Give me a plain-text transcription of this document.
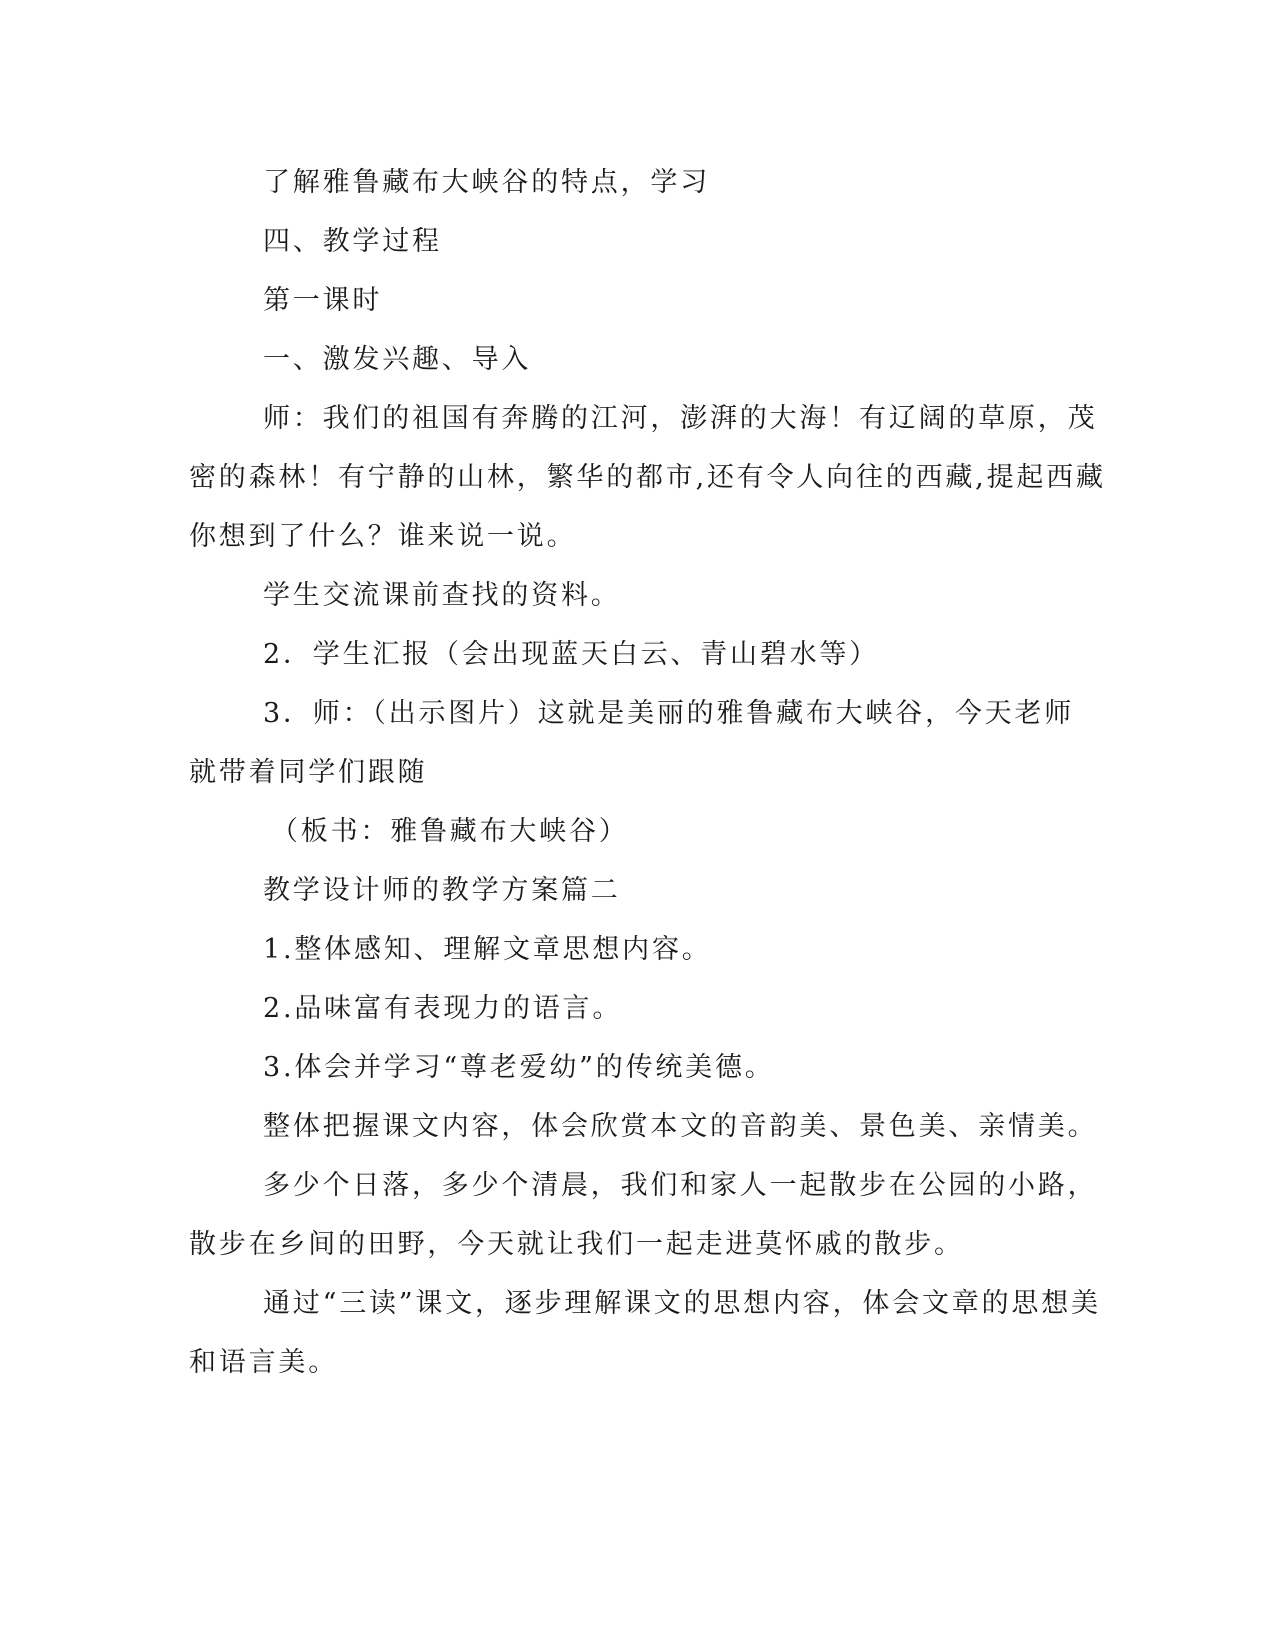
了解雅鲁藏布大峡谷的特点，学习

四、教学过程

第一课时

一、激发兴趣、导入

师：我们的祖国有奔腾的江河，澎湃的大海！有辽阔的草原，茂

密的森林！有宁静的山林，繁华的都市,还有令人向往的西藏,提起西藏

你想到了什么？谁来说一说。

学生交流课前查找的资料。

2．学生汇报（会出现蓝天白云、青山碧水等）

3．师：（出示图片）这就是美丽的雅鲁藏布大峡谷，今天老师

就带着同学们跟随

（板书：雅鲁藏布大峡谷）

教学设计师的教学方案篇二

1.整体感知、理解文章思想内容。

2.品味富有表现力的语言。

3.体会并学习“尊老爱幼”的传统美德。

整体把握课文内容，体会欣赏本文的音韵美、景色美、亲情美。

多少个日落，多少个清晨，我们和家人一起散步在公园的小路，

散步在乡间的田野，今天就让我们一起走进莫怀戚的散步。

通过“三读”课文，逐步理解课文的思想内容，体会文章的思想美

和语言美。
